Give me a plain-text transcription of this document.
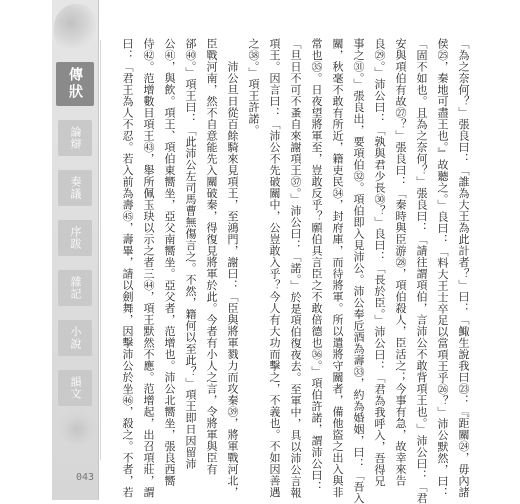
傳狀
論辯
奏議
序跋
雜記
小說
韻文	「為之奈何？」張良曰：「誰為大王為此計者？」曰：「鯫生說我曰㉓：『距關㉔，毋內諸
侯㉕，秦地可盡王也。』故聽之。」良曰：「料大王士卒足以當項王乎㉖？」沛公默然，曰：
「固不如也。且為之奈何？」張良曰：「請往謂項伯，言沛公不敢背項王也。」沛公曰：「君
安與項伯有故㉗？」張良曰：「秦時與臣游㉘，項伯殺人，臣活之；今事有急，故幸來告
良㉙。」沛公曰：「孰與君少長㉚？」良曰：「長於臣。」沛公曰：「君為我呼入，吾得兄
事之㉛。」張良出，要項伯㉜。項伯即入見沛公。沛公奉卮酒為壽㉝，約為婚姻，曰：「吾入
關，秋毫不敢有所近，籍吏民㉞，封府庫，而待將軍。所以遣將守關者，備他盜之出入與非
常也㉟。日夜望將軍至，豈敢反乎？願伯具言臣之不敢倍德也㊱。」項伯許諾，謂沛公曰：
「旦日不可不蚤自來謝項王㊲。」沛公曰：「諾。」於是項伯復夜去。至軍中，具以沛公言報
項王。因言曰：「沛公不先破關中，公豈敢入乎？今人有大功而擊之，不義也。不如因善遇
之㊳。」項王許諾。
　　沛公旦日從百餘騎來見項王，至鴻門，謝曰：「臣與將軍戮力而攻秦㊴，將軍戰河北，
臣戰河南，然不自意能先入關破秦，得復見將軍於此。今者有小人之言，令將軍與臣有
郤㊵。」項王曰：「此沛公左司馬曹無傷言之。不然，籍何以至此？」項王即日因留沛
公㊶，與飲。項王、項伯東嚮坐，亞父南嚮坐。亞父者，范增也。沛公北嚮坐，張良西嚮
侍㊷。范增數目項王㊸，舉所佩玉玦以示之者三㊹，項王默然不應。范增起，出召項莊，謂
曰：「君王為人不忍。若入前為壽㊺，壽畢，請以劍舞，因擊沛公於坐㊻，殺之。不者，若
043
